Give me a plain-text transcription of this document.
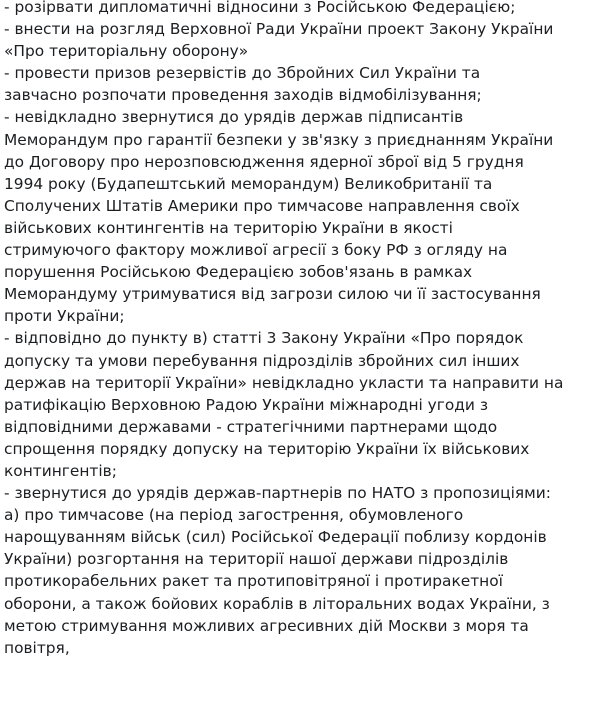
- розірвати дипломатичні відносини з Російською Федерацією;
- внести на розгляд Верховної Ради України проект Закону України
«Про територіальну оборону»
- провести призов резервістів до Збройних Сил України та
завчасно розпочати проведення заходів відмобілізування;
- невідкладно звернутися до урядів держав підписантів
Меморандум про гарантії безпеки у зв'язку з приєднанням України
до Договору про нерозповсюдження ядерної зброї від 5 грудня
1994 року (Будапештський меморандум) Великобританії та
Сполучених Штатів Америки про тимчасове направлення своїх
військових контингентів на територію України в якості
стримуючого фактору можливої агресії з боку РФ з огляду на
порушення Російською Федерацією зобов'язань в рамках
Меморандуму утримуватися від загрози силою чи її застосування
проти України;
- відповідно до пункту в) статті 3 Закону України «Про порядок
допуску та умови перебування підрозділів збройних сил інших
держав на території України» невідкладно укласти та направити на
ратифікацію Верховною Радою України міжнародні угоди з
відповідними державами - стратегічними партнерами щодо
спрощення порядку допуску на територію України їх військових
контингентів;
- звернутися до урядів держав-партнерів по НАТО з пропозиціями:
а) про тимчасове (на період загострення, обумовленого
нарощуванням військ (сил) Російської Федерації поблизу кордонів
України) розгортання на території нашої держави підрозділів
протикорабельних ракет та протиповітряної і протиракетної
оборони, а також бойових кораблів в літоральних водах України, з
метою стримування можливих агресивних дій Москви з моря та
повітря,
